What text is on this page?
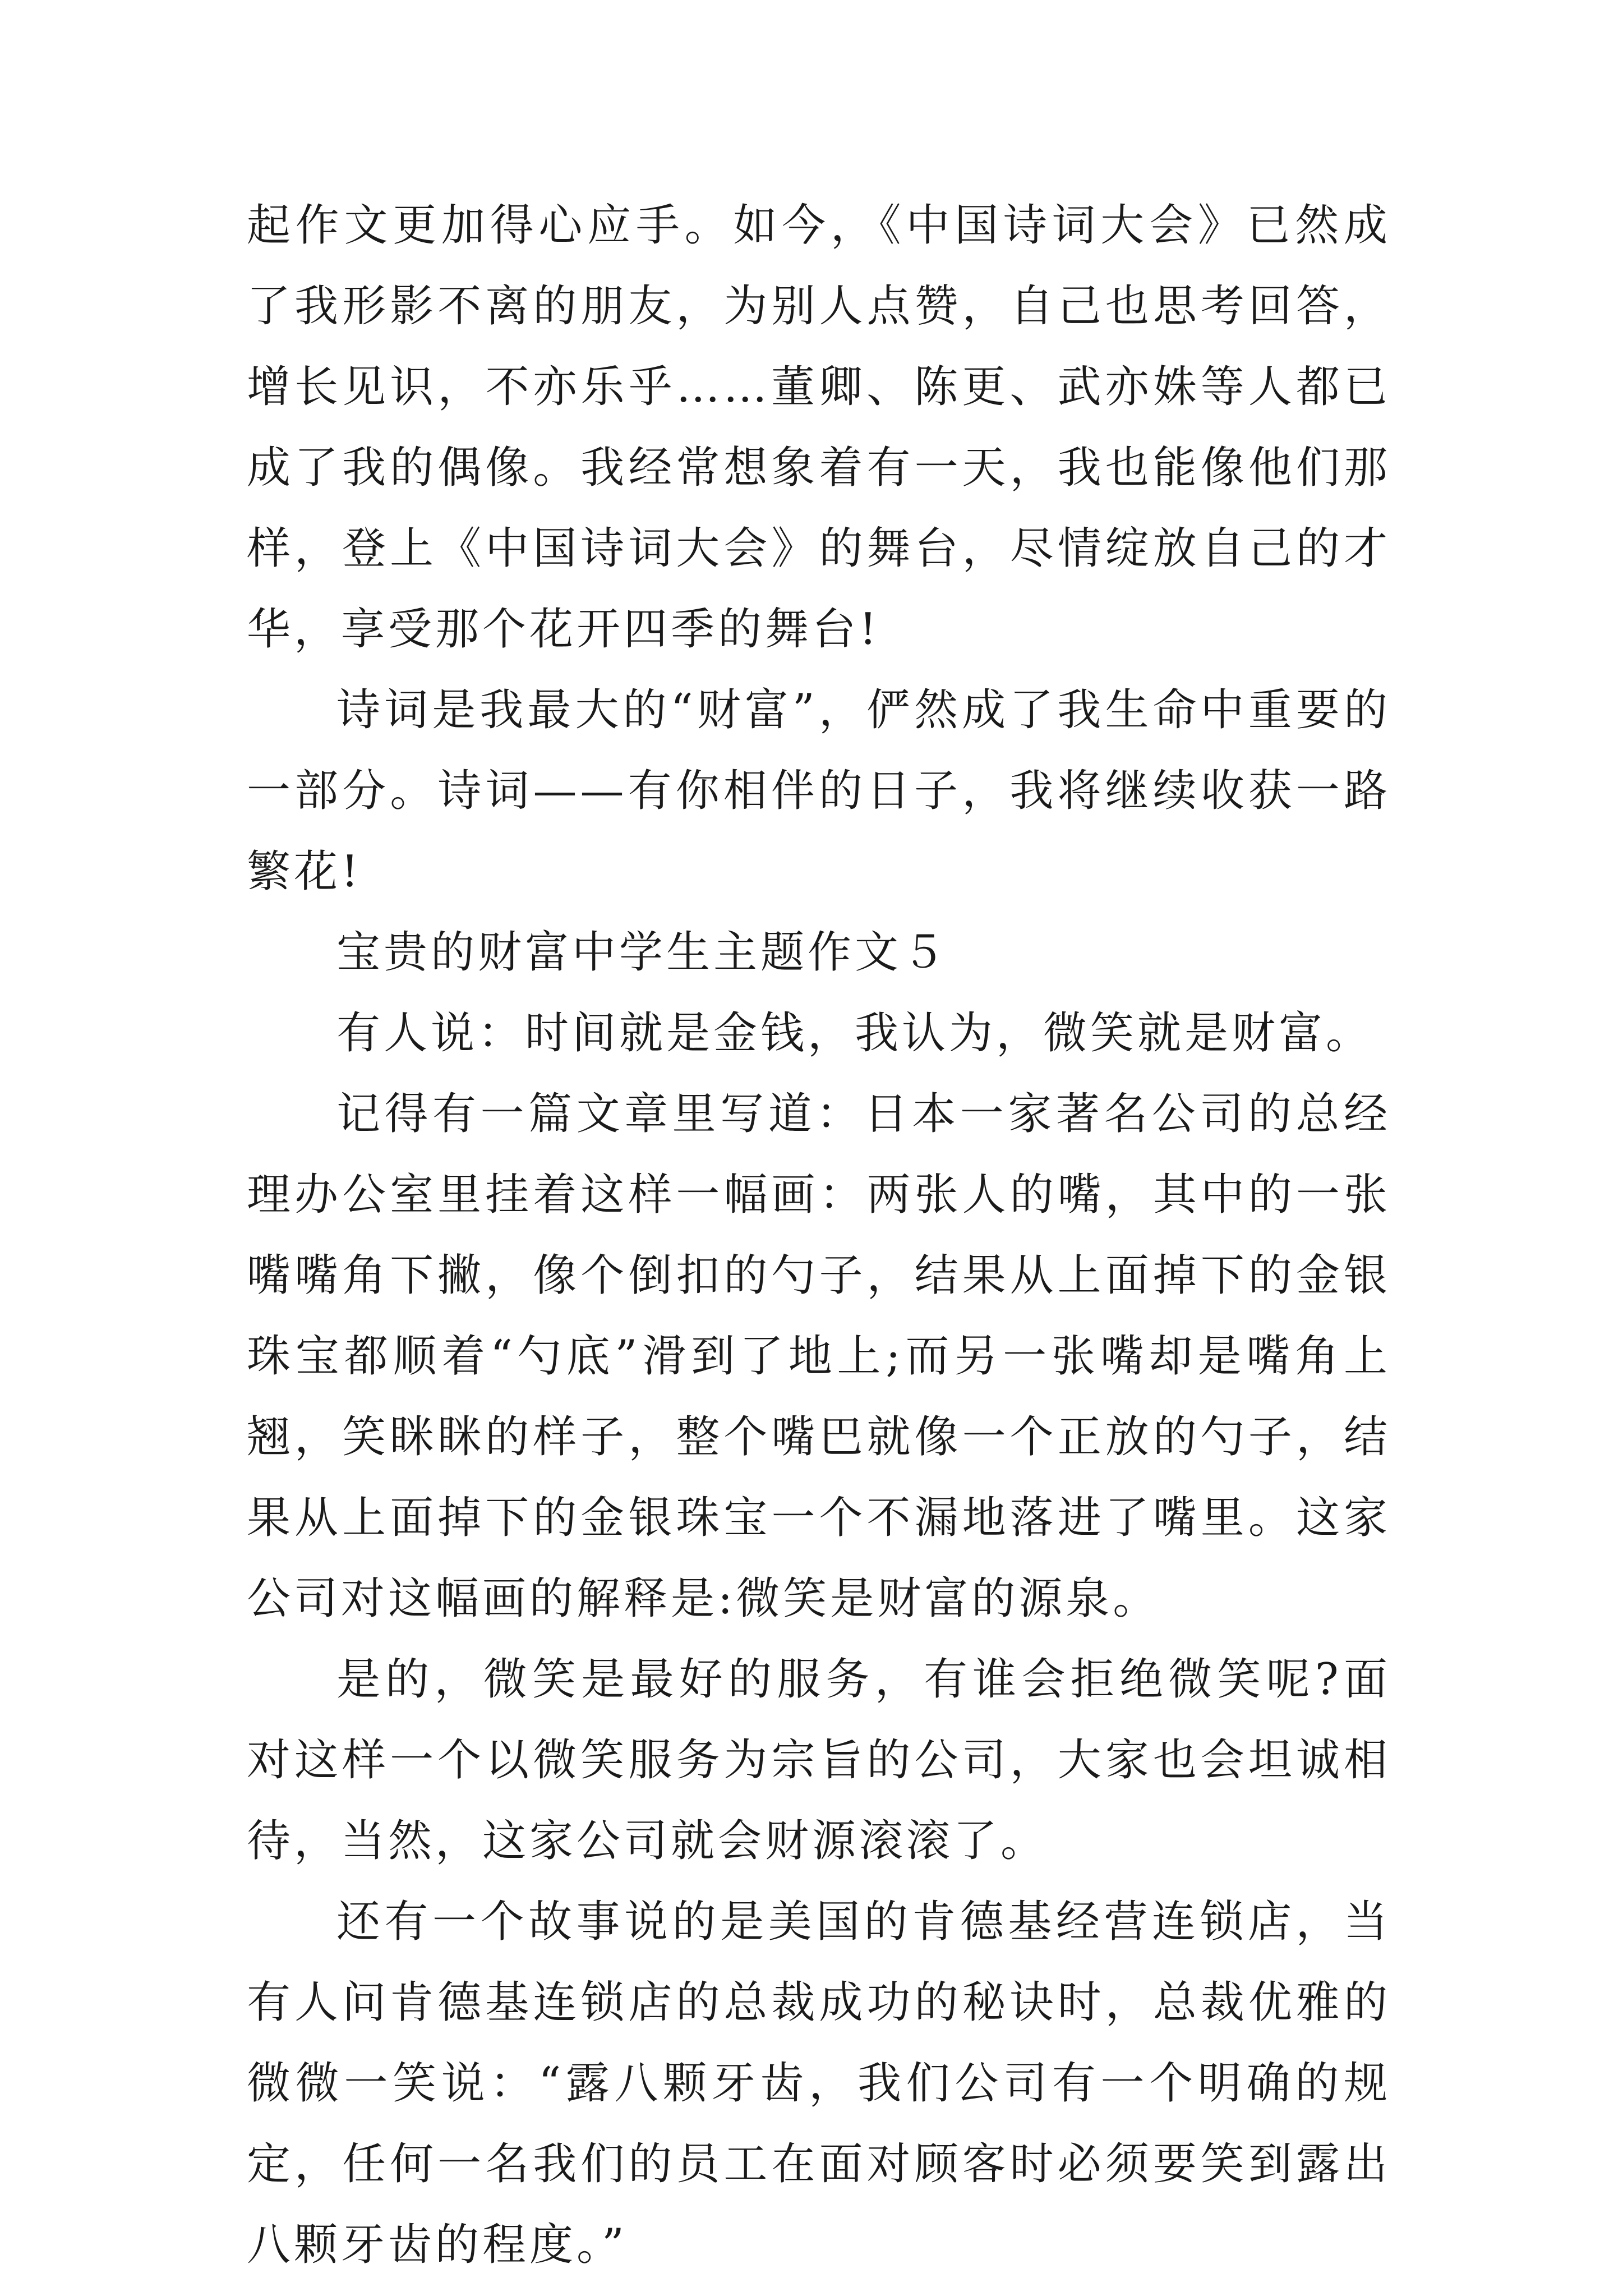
起作文更加得心应手。如今，《中国诗词大会》已然成了我形影不离的朋友，为别人点赞，自己也思考回答，增长见识，不亦乐乎……董卿、陈更、武亦姝等人都已成了我的偶像。我经常想象着有一天，我也能像他们那样，登上《中国诗词大会》的舞台，尽情绽放自己的才华，享受那个花开四季的舞台!

诗词是我最大的“财富”，俨然成了我生命中重要的一部分。诗词——有你相伴的日子，我将继续收获一路繁花!

宝贵的财富中学生主题作文５

有人说：时间就是金钱，我认为，微笑就是财富。

记得有一篇文章里写道：日本一家著名公司的总经理办公室里挂着这样一幅画：两张人的嘴，其中的一张嘴嘴角下撇，像个倒扣的勺子，结果从上面掉下的金银珠宝都顺着“勺底”滑到了地上;而另一张嘴却是嘴角上翘，笑眯眯的样子，整个嘴巴就像一个正放的勺子，结果从上面掉下的金银珠宝一个不漏地落进了嘴里。这家公司对这幅画的解释是:微笑是财富的源泉。

是的，微笑是最好的服务，有谁会拒绝微笑呢?面对这样一个以微笑服务为宗旨的公司，大家也会坦诚相待，当然，这家公司就会财源滚滚了。

还有一个故事说的是美国的肯德基经营连锁店，当有人问肯德基连锁店的总裁成功的秘诀时，总裁优雅的微微一笑说：“露八颗牙齿，我们公司有一个明确的规定，任何一名我们的员工在面对顾客时必须要笑到露出八颗牙齿的程度。”
